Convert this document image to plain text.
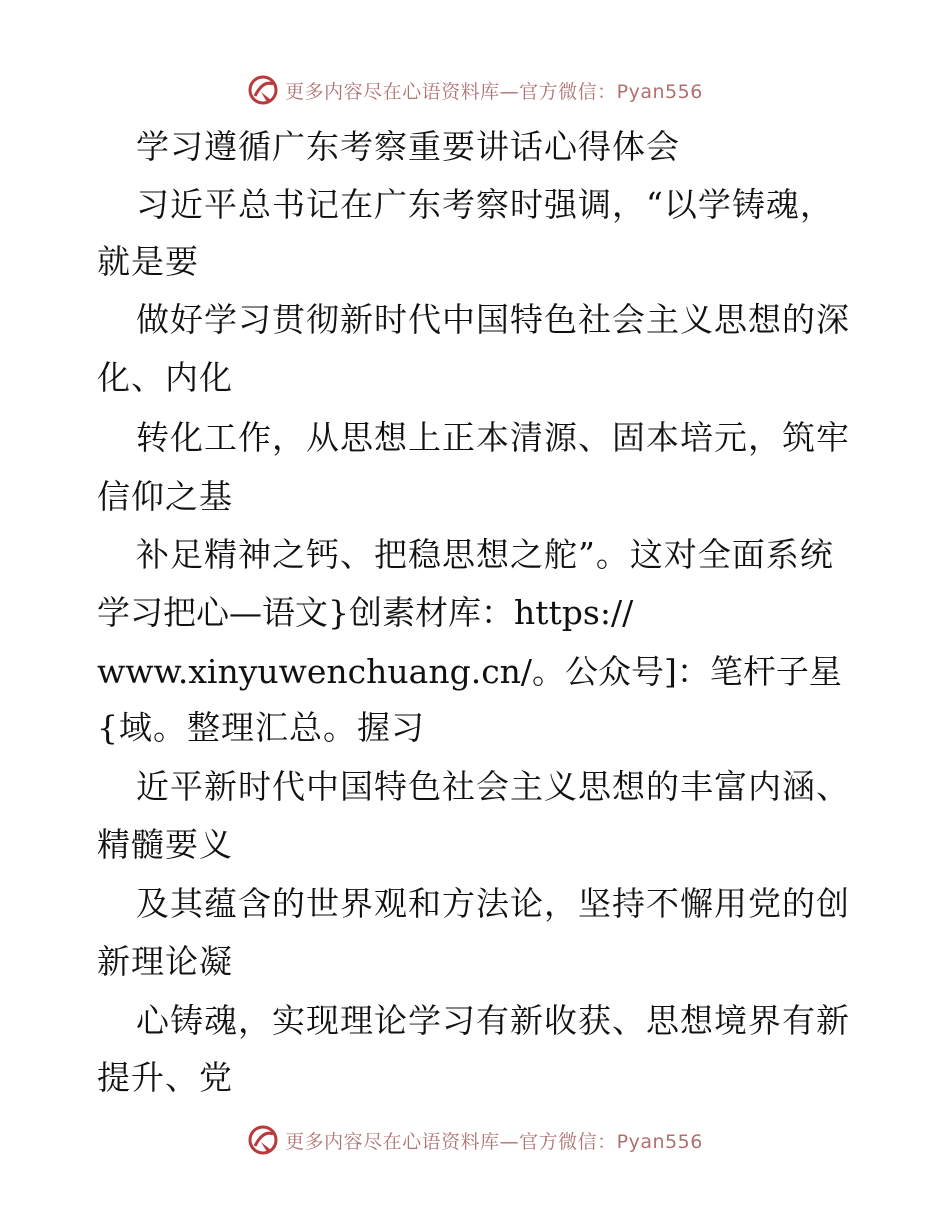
更多内容尽在心语资料库—官方微信：Pyan556
学习遵循广东考察重要讲话心得体会
习近平总书记在广东考察时强调，“以学铸魂，
就是要
做好学习贯彻新时代中国特色社会主义思想的深
化、内化
转化工作，从思想上正本清源、固本培元，筑牢
信仰之基
补足精神之钙、把稳思想之舵”。这对全面系统
学习把心—语文}创素材库：https://
www.xinyuwenchuang.cn/。公众号]：笔杆子星
{域。整理汇总。握习
近平新时代中国特色社会主义思想的丰富内涵、
精髓要义
及其蕴含的世界观和方法论，坚持不懈用党的创
新理论凝
心铸魂，实现理论学习有新收获、思想境界有新
提升、党
更多内容尽在心语资料库—官方微信：Pyan556
